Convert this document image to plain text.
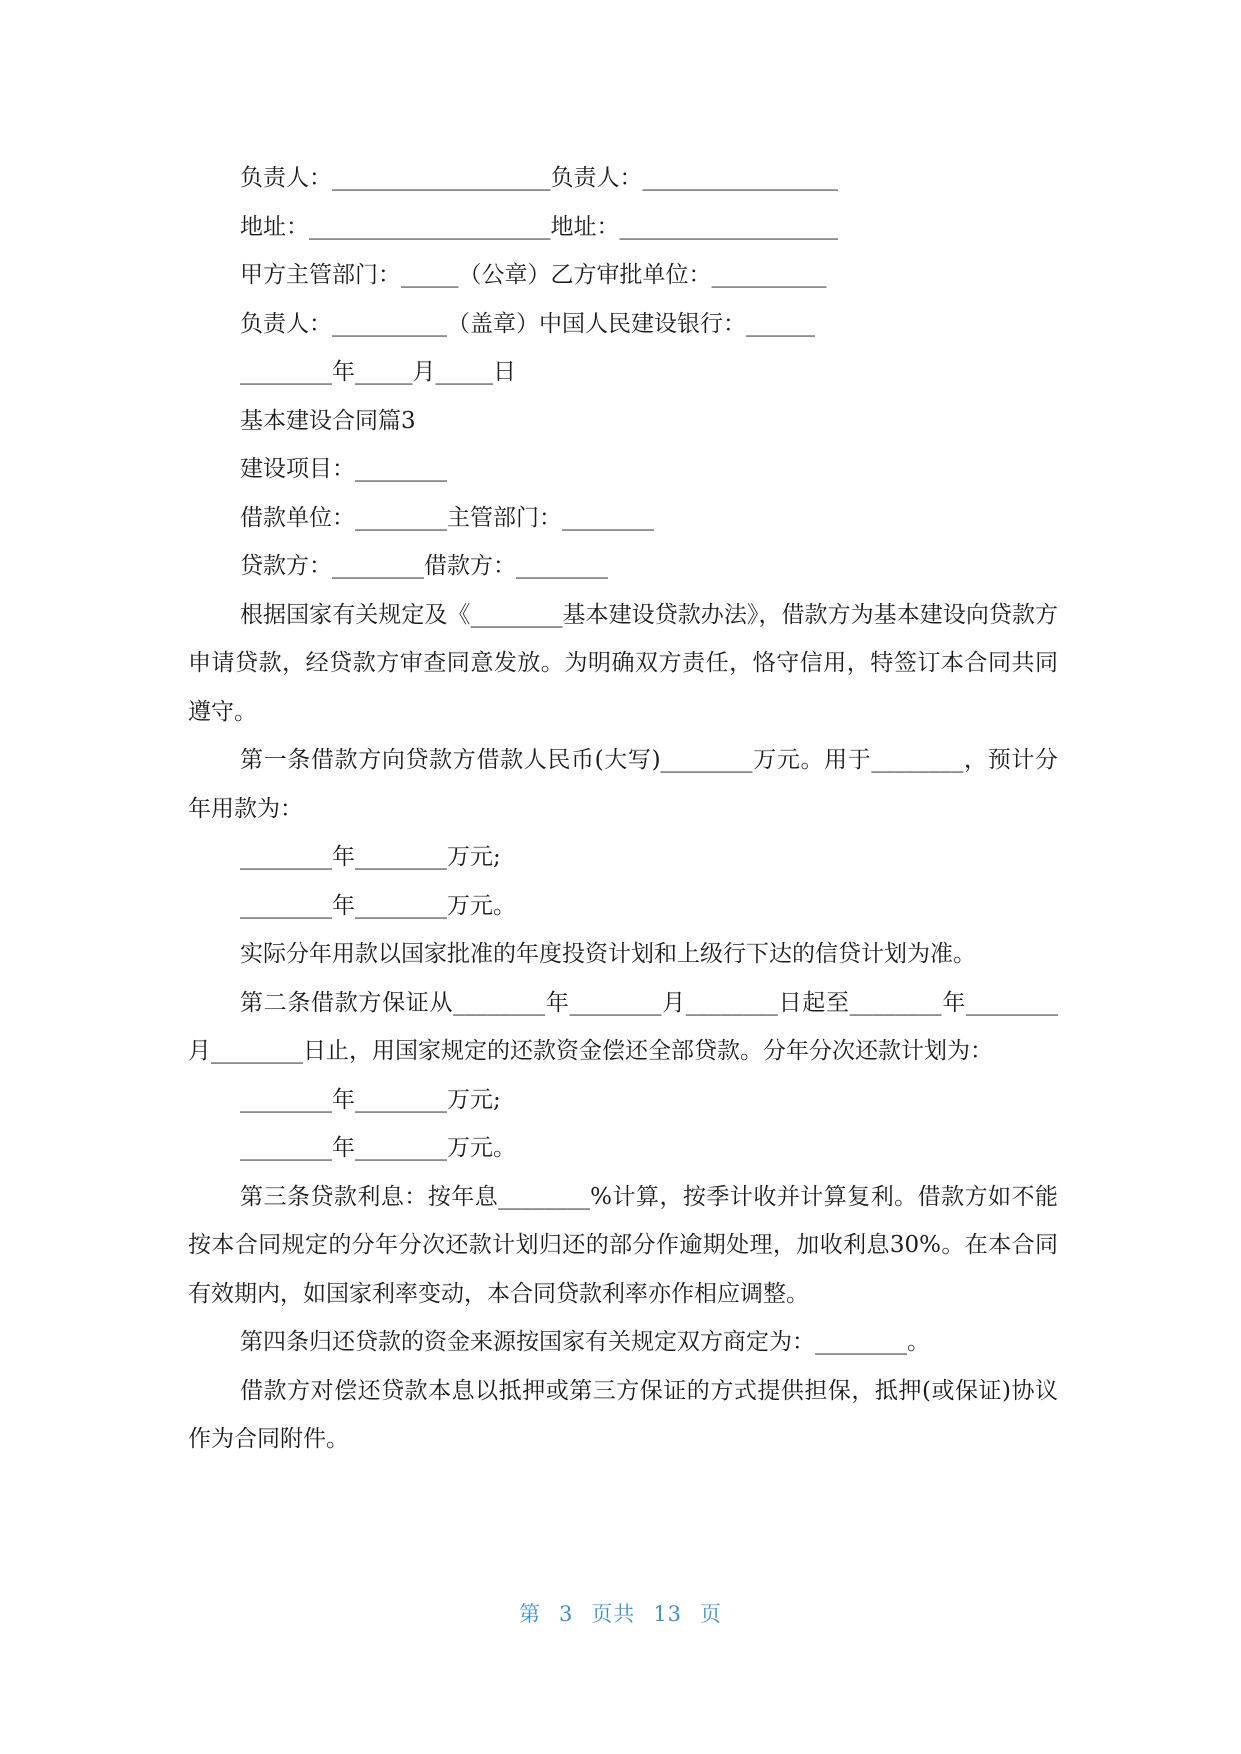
负责人：___________________负责人：_________________

地址：_____________________地址：___________________

甲方主管部门：_____（公章）乙方审批单位：__________

负责人：__________（盖章）中国人民建设银行：______

________年_____月_____日

基本建设合同篇3

建设项目：________

借款单位：________主管部门：________

贷款方：________借款方：________

根据国家有关规定及《________基本建设贷款办法》，借款方为基本建设向贷款方申请贷款，经贷款方审查同意发放。为明确双方责任，恪守信用，特签订本合同共同遵守。

第一条借款方向贷款方借款人民币(大写)________万元。用于________，预计分年用款为：

________年________万元;

________年________万元。

实际分年用款以国家批准的年度投资计划和上级行下达的信贷计划为准。

第二条借款方保证从________年________月________日起至________年________月________日止，用国家规定的还款资金偿还全部贷款。分年分次还款计划为：

________年________万元;

________年________万元。

第三条贷款利息：按年息________%计算，按季计收并计算复利。借款方如不能按本合同规定的分年分次还款计划归还的部分作逾期处理，加收利息30%。在本合同有效期内，如国家利率变动，本合同贷款利率亦作相应调整。

第四条归还贷款的资金来源按国家有关规定双方商定为：________。

借款方对偿还贷款本息以抵押或第三方保证的方式提供担保，抵押(或保证)协议作为合同附件。

第 3 页共 13 页
